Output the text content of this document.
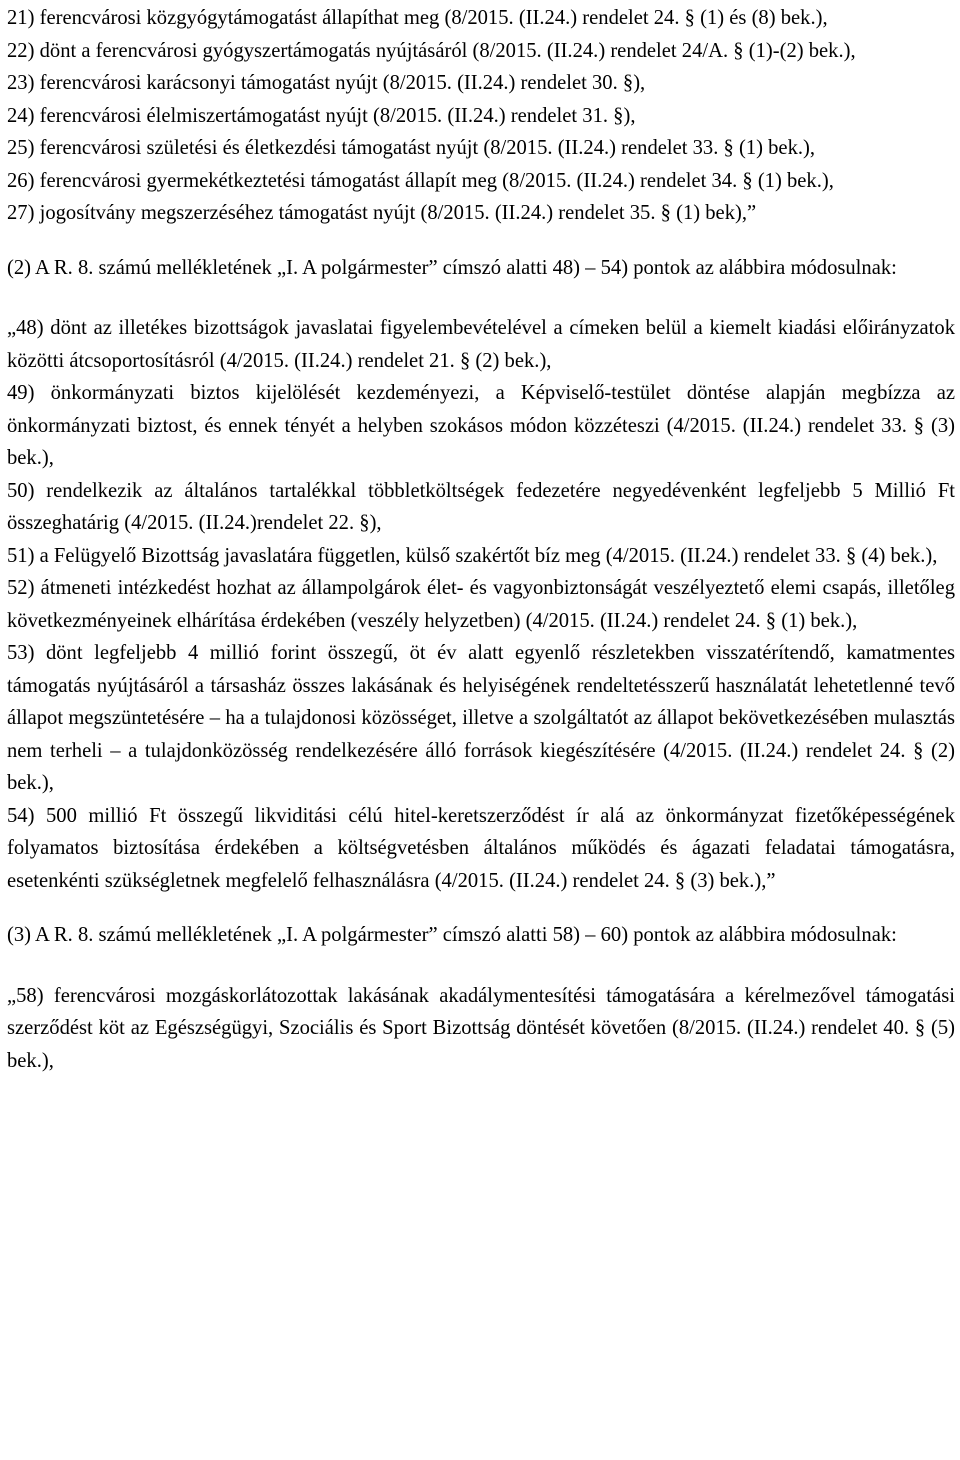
21) ferencvárosi közgyógytámogatást állapíthat meg (8/2015. (II.24.) rendelet 24. § (1) és (8) bek.),

22) dönt a ferencvárosi gyógyszertámogatás nyújtásáról (8/2015. (II.24.) rendelet 24/A. § (1)-(2) bek.),

23) ferencvárosi karácsonyi támogatást nyújt (8/2015. (II.24.) rendelet 30. §),

24) ferencvárosi élelmiszertámogatást nyújt (8/2015. (II.24.) rendelet 31. §),

25) ferencvárosi születési és életkezdési támogatást nyújt (8/2015. (II.24.) rendelet 33. § (1) bek.),

26) ferencvárosi gyermekétkeztetési támogatást állapít meg (8/2015. (II.24.) rendelet 34. § (1) bek.),

27) jogosítvány megszerzéséhez támogatást nyújt (8/2015. (II.24.) rendelet 35. § (1) bek),”

(2) A R. 8. számú mellékletének „I. A polgármester” címszó alatti 48) – 54) pontok az alábbira módosulnak:

„48) dönt az illetékes bizottságok javaslatai figyelembevételével a címeken belül a kiemelt kiadási előirányzatok közötti átcsoportosításról (4/2015. (II.24.) rendelet 21. § (2) bek.),

49) önkormányzati biztos kijelölését kezdeményezi, a Képviselő-testület döntése alapján megbízza az önkormányzati biztost, és ennek tényét a helyben szokásos módon közzéteszi (4/2015. (II.24.) rendelet 33. § (3) bek.),

50) rendelkezik az általános tartalékkal többletköltségek fedezetére negyedévenként legfeljebb 5 Millió Ft összeghatárig (4/2015. (II.24.)rendelet 22. §),

51) a Felügyelő Bizottság javaslatára független, külső szakértőt bíz meg (4/2015. (II.24.) rendelet 33. § (4) bek.),

52) átmeneti intézkedést hozhat az állampolgárok élet- és vagyonbiztonságát veszélyeztető elemi csapás, illetőleg következményeinek elhárítása érdekében (veszély helyzetben) (4/2015. (II.24.) rendelet 24. § (1) bek.),

53) dönt legfeljebb 4 millió forint összegű, öt év alatt egyenlő részletekben visszatérítendő, kamatmentes támogatás nyújtásáról a társasház összes lakásának és helyiségének rendeltetésszerű használatát lehetetlenné tevő állapot megszüntetésére – ha a tulajdonosi közösséget, illetve a szolgáltatót az állapot bekövetkezésében mulasztás nem terheli – a tulajdonközösség rendelkezésére álló források kiegészítésére (4/2015. (II.24.) rendelet 24. § (2) bek.),

54) 500 millió Ft összegű likviditási célú hitel-keretszerződést ír alá az önkormányzat fizetőképességének folyamatos biztosítása érdekében a költségvetésben általános működés és ágazati feladatai támogatásra, esetenkénti szükségletnek megfelelő felhasználásra (4/2015. (II.24.) rendelet 24. § (3) bek.),”

(3) A R. 8. számú mellékletének „I. A polgármester” címszó alatti 58) – 60) pontok az alábbira módosulnak:

„58) ferencvárosi mozgáskorlátozottak lakásának akadálymentesítési támogatására a kérelmezővel támogatási szerződést köt az Egészségügyi, Szociális és Sport Bizottság döntését követően (8/2015. (II.24.) rendelet 40. § (5) bek.),
